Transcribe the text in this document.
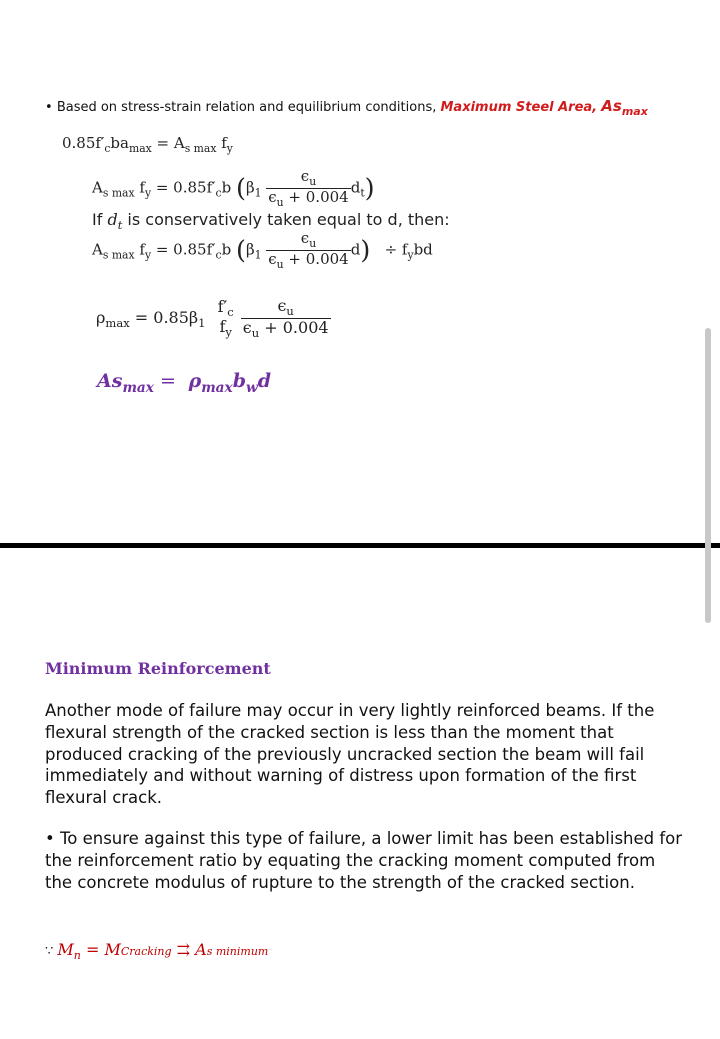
• Based on stress-strain relation and equilibrium conditions, Maximum Steel Area, $As_{max}$
$0.85f'_cba_{max} = A_{s max}$ $f_y$
$A_{s max}$ $f_y = 0.85f'_cb$ $(\beta_1 \frac{\epsilon_u}{\epsilon_u + 0.004} d_t)$
If $d_t$ is conservatively taken equal to d, then:
$A_{s max}$ $f_y = 0.85f'_cb$ $(\beta_1 \frac{\epsilon_u}{\epsilon_u + 0.004} d) \div f_ybd$
$\rho_{max} = 0.85\beta_1$
$f'_c$
$f_y$
$\frac{\epsilon_u}{\epsilon_u + 0.004}$
$As_{max} = \rho_{max}b_wd$
Minimum Reinforcement
Another mode of failure may occur in very lightly reinforced beams. If the flexural strength of the cracked section is less than the moment that produced cracking of the previously uncracked section the beam will fail immediately and without warning of distress upon formation of the first flexural crack.
• To ensure against this type of failure, a lower limit has been established for the reinforcement ratio by equating the cracking moment computed from the concrete modulus of rupture to the strength of the cracked section.
∵ $M_n$ = MCracking ⇉ As minimum
